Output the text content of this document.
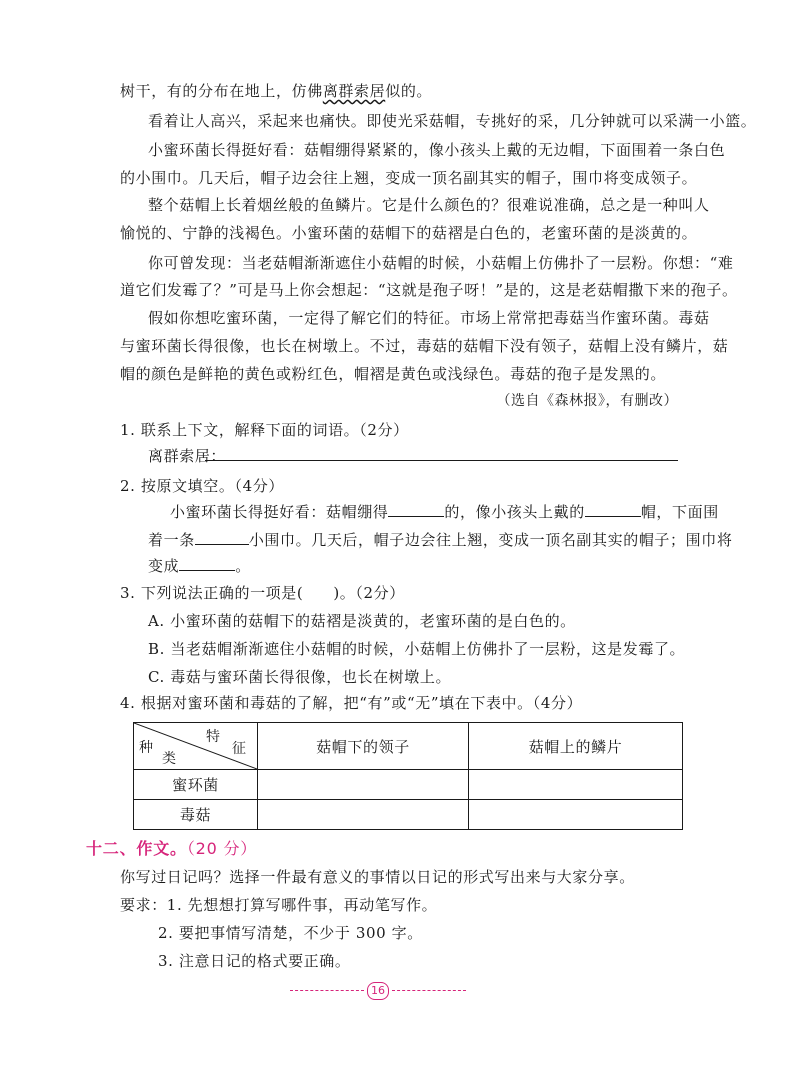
树干，有的分布在地上，仿佛离群索居似的。
看着让人高兴，采起来也痛快。即使光采菇帽，专挑好的采，几分钟就可以采满一小篮。
小蜜环菌长得挺好看：菇帽绷得紧紧的，像小孩头上戴的无边帽，下面围着一条白色
的小围巾。几天后，帽子边会往上翘，变成一顶名副其实的帽子，围巾将变成领子。
整个菇帽上长着烟丝般的鱼鳞片。它是什么颜色的？很难说准确，总之是一种叫人
愉悦的、宁静的浅褐色。小蜜环菌的菇帽下的菇褶是白色的，老蜜环菌的是淡黄的。
你可曾发现：当老菇帽渐渐遮住小菇帽的时候，小菇帽上仿佛扑了一层粉。你想：“难
道它们发霉了？”可是马上你会想起：“这就是孢子呀！”是的，这是老菇帽撒下来的孢子。
假如你想吃蜜环菌，一定得了解它们的特征。市场上常常把毒菇当作蜜环菌。毒菇
与蜜环菌长得很像，也长在树墩上。不过，毒菇的菇帽下没有领子，菇帽上没有鳞片，菇
帽的颜色是鲜艳的黄色或粉红色，帽褶是黄色或浅绿色。毒菇的孢子是发黑的。
（选自《森林报》，有删改）
1. 联系上下文，解释下面的词语。（2分）
离群索居：
2. 按原文填空。（4分）
小蜜环菌长得挺好看：菇帽绷得	的，像小孩头上戴的	帽，下面围
着一条	小围巾。几天后，帽子边会往上翘，变成一顶名副其实的帽子；围巾将
变成	。
3. 下列说法正确的一项是( )。（2分）
A. 小蜜环菌的菇帽下的菇褶是淡黄的，老蜜环菌的是白色的。
B. 当老菇帽渐渐遮住小菇帽的时候，小菇帽上仿佛扑了一层粉，这是发霉了。
C. 毒菇与蜜环菌长得很像，也长在树墩上。
4. 根据对蜜环菌和毒菇的了解，把“有”或“无”填在下表中。（4分）
特
征
种
类	菇帽下的领子	菇帽上的鳞片
蜜环菌		
毒菇		
十二、作文。（20 分）
你写过日记吗？选择一件最有意义的事情以日记的形式写出来与大家分享。
要求：1. 先想想打算写哪件事，再动笔写作。
2. 要把事情写清楚，不少于 300 字。
3. 注意日记的格式要正确。
16
